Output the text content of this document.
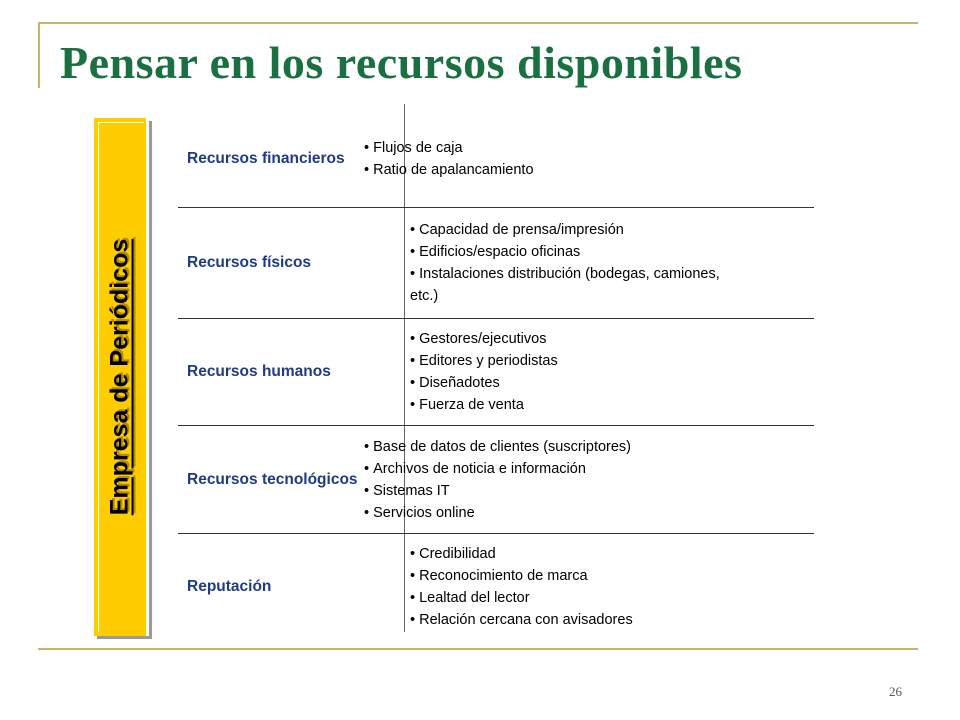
Pensar en los recursos disponibles
Empresa de Periódicos
Recursos financieros
• Flujos de caja
• Ratio de apalancamiento
Recursos físicos
• Capacidad de prensa/impresión
• Edificios/espacio oficinas
• Instalaciones distribución (bodegas, camiones, etc.)
Recursos humanos
• Gestores/ejecutivos
• Editores y periodistas
• Diseñadotes
• Fuerza de venta
Recursos tecnológicos
• Base de datos de clientes (suscriptores)
• Archivos de noticia e información
• Sistemas IT
• Servicios online
Reputación
• Credibilidad
• Reconocimiento de marca
• Lealtad del lector
• Relación cercana con avisadores
26
